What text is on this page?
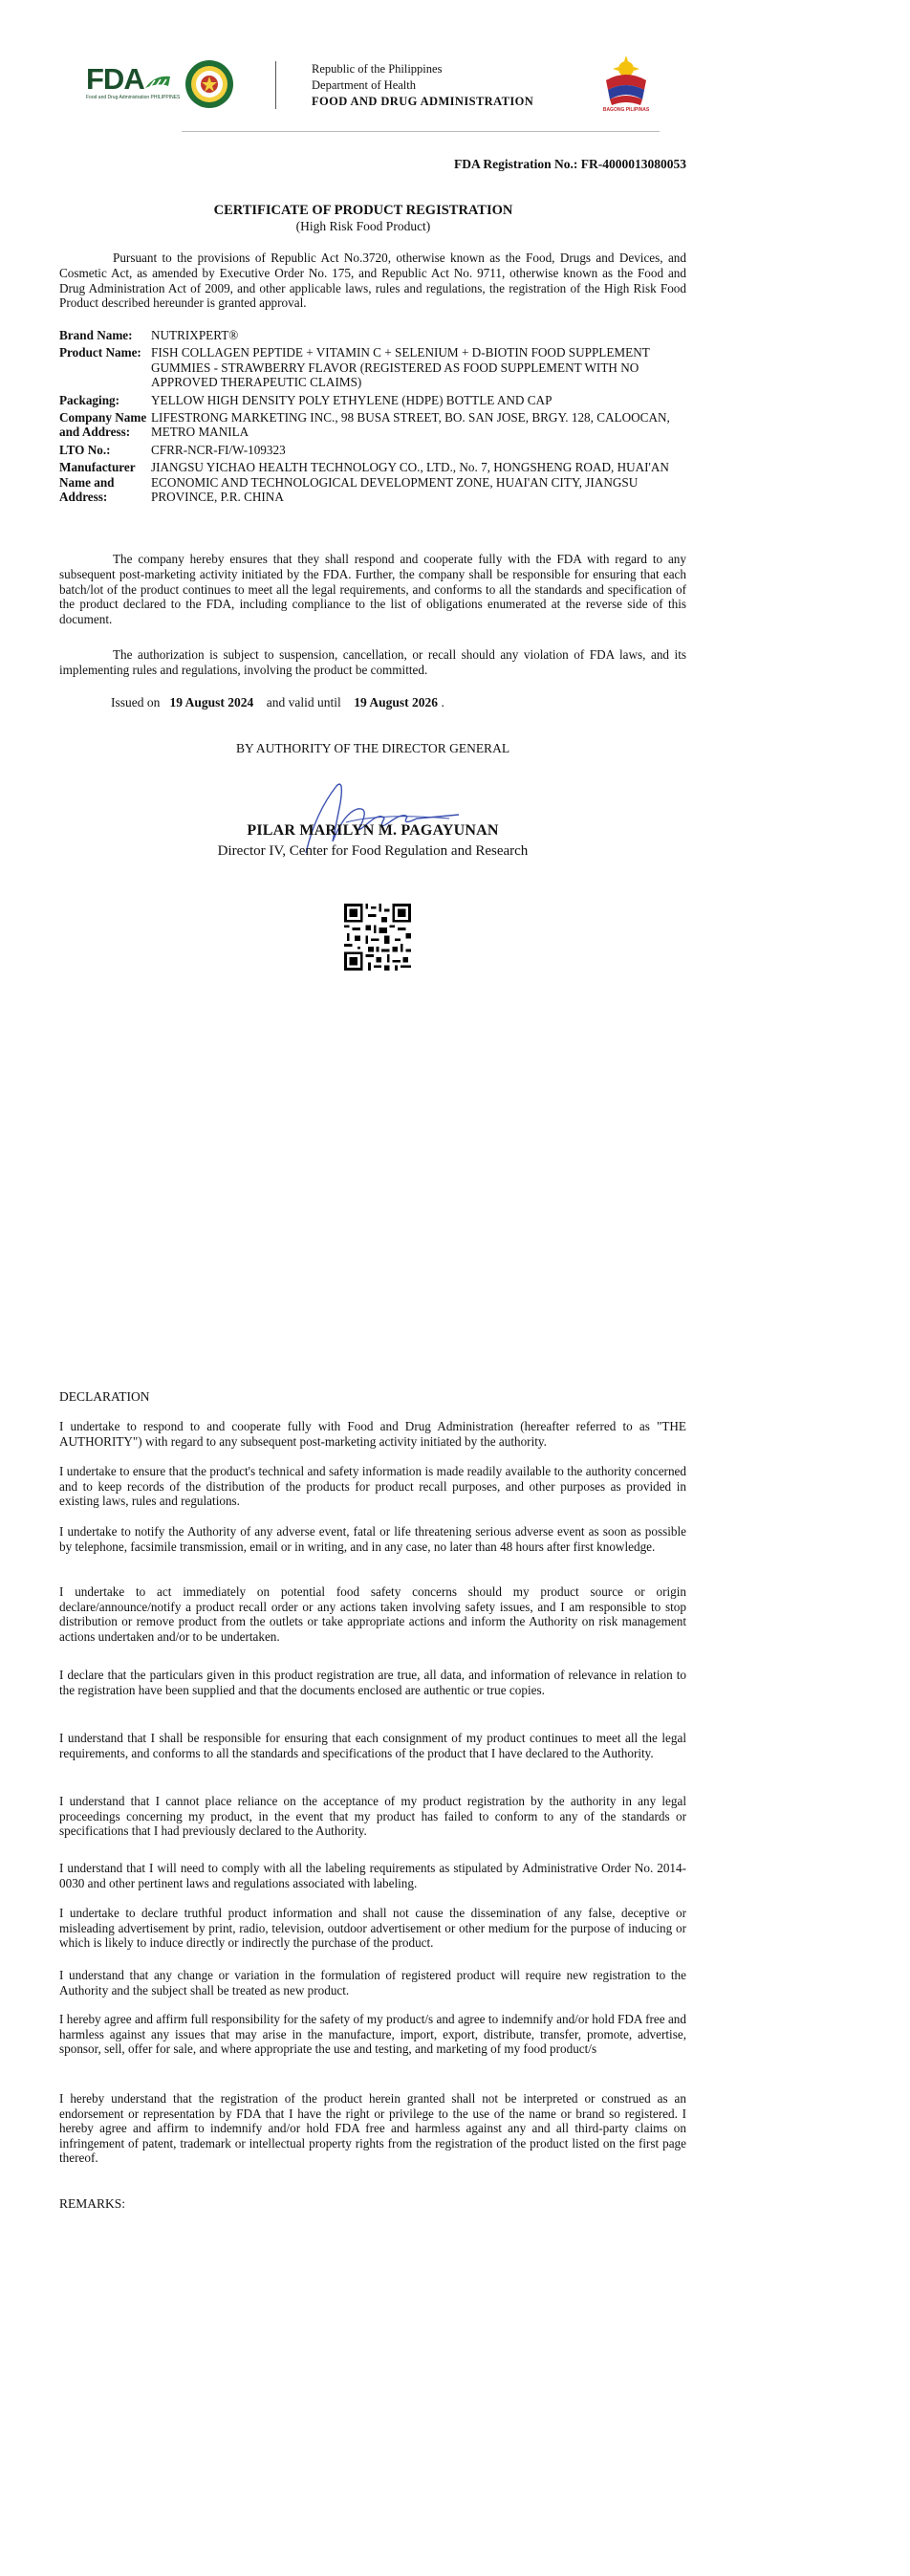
FDA
Food and Drug Administration PHILIPPINES
Republic of the Philippines
Department of Health
FOOD AND DRUG ADMINISTRATION
BAGONG PILIPINAS
FDA Registration No.: FR-4000013080053
CERTIFICATE OF PRODUCT REGISTRATION
(High Risk Food Product)
Pursuant to the provisions of Republic Act No.3720, otherwise known as the Food, Drugs and Devices, and Cosmetic Act, as amended by Executive Order No. 175, and Republic Act No. 9711, otherwise known as the Food and Drug Administration Act of 2009, and other applicable laws, rules and regulations, the registration of the High Risk Food Product described hereunder is granted approval.
Brand Name:	NUTRIXPERT®
Product Name:	FISH COLLAGEN PEPTIDE + VITAMIN C + SELENIUM + D-BIOTIN FOOD SUPPLEMENT GUMMIES - STRAWBERRY FLAVOR (REGISTERED AS FOOD SUPPLEMENT WITH NO APPROVED THERAPEUTIC CLAIMS)
Packaging:	YELLOW HIGH DENSITY POLY ETHYLENE (HDPE) BOTTLE AND CAP
Company Name and Address:	LIFESTRONG MARKETING INC., 98 BUSA STREET, BO. SAN JOSE, BRGY. 128, CALOOCAN, METRO MANILA
LTO No.:	CFRR-NCR-FI/W-109323
Manufacturer Name and Address:	JIANGSU YICHAO HEALTH TECHNOLOGY CO., LTD., No. 7, HONGSHENG ROAD, HUAI'AN ECONOMIC AND TECHNOLOGICAL DEVELOPMENT ZONE, HUAI'AN CITY, JIANGSU PROVINCE, P.R. CHINA
The company hereby ensures that they shall respond and cooperate fully with the FDA with regard to any subsequent post-marketing activity initiated by the FDA. Further, the company shall be responsible for ensuring that each batch/lot of the product continues to meet all the legal requirements, and conforms to all the standards and specification of the product declared to the FDA, including compliance to the list of obligations enumerated at the reverse side of this document.
The authorization is subject to suspension, cancellation, or recall should any violation of FDA laws, and its implementing rules and regulations, involving the product be committed.
Issued on 19 August 2024 and valid until 19 August 2026 .
BY AUTHORITY OF THE DIRECTOR GENERAL
PILAR MARILYN M. PAGAYUNAN
Director IV, Center for Food Regulation and Research
DECLARATION
I undertake to respond to and cooperate fully with Food and Drug Administration (hereafter referred to as "THE AUTHORITY") with regard to any subsequent post-marketing activity initiated by the authority.
I undertake to ensure that the product's technical and safety information is made readily available to the authority concerned and to keep records of the distribution of the products for product recall purposes, and other purposes as provided in existing laws, rules and regulations.
I undertake to notify the Authority of any adverse event, fatal or life threatening serious adverse event as soon as possible by telephone, facsimile transmission, email or in writing, and in any case, no later than 48 hours after first knowledge.
I undertake to act immediately on potential food safety concerns should my product source or origin declare/announce/notify a product recall order or any actions taken involving safety issues, and I am responsible to stop distribution or remove product from the outlets or take appropriate actions and inform the Authority on risk management actions undertaken and/or to be undertaken.
I declare that the particulars given in this product registration are true, all data, and information of relevance in relation to the registration have been supplied and that the documents enclosed are authentic or true copies.
I understand that I shall be responsible for ensuring that each consignment of my product continues to meet all the legal requirements, and conforms to all the standards and specifications of the product that I have declared to the Authority.
I understand that I cannot place reliance on the acceptance of my product registration by the authority in any legal proceedings concerning my product, in the event that my product has failed to conform to any of the standards or specifications that I had previously declared to the Authority.
I understand that I will need to comply with all the labeling requirements as stipulated by Administrative Order No. 2014-0030 and other pertinent laws and regulations associated with labeling.
I undertake to declare truthful product information and shall not cause the dissemination of any false, deceptive or misleading advertisement by print, radio, television, outdoor advertisement or other medium for the purpose of inducing or which is likely to induce directly or indirectly the purchase of the product.
I understand that any change or variation in the formulation of registered product will require new registration to the Authority and the subject shall be treated as new product.
I hereby agree and affirm full responsibility for the safety of my product/s and agree to indemnify and/or hold FDA free and harmless against any issues that may arise in the manufacture, import, export, distribute, transfer, promote, advertise, sponsor, sell, offer for sale, and where appropriate the use and testing, and marketing of my food product/s
I hereby understand that the registration of the product herein granted shall not be interpreted or construed as an endorsement or representation by FDA that I have the right or privilege to the use of the name or brand so registered. I hereby agree and affirm to indemnify and/or hold FDA free and harmless against any and all third-party claims on infringement of patent, trademark or intellectual property rights from the registration of the product listed on the first page thereof.
REMARKS:
